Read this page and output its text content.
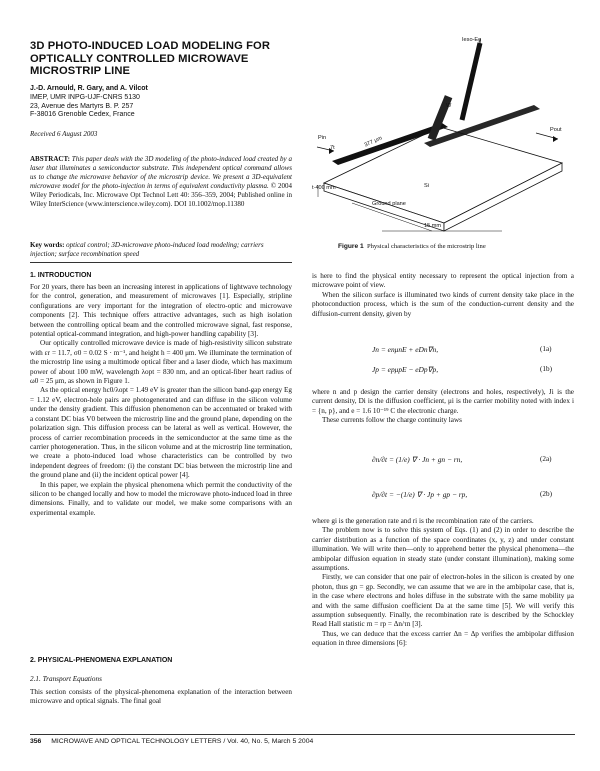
3D PHOTO-INDUCED LOAD MODELING FOR OPTICALLY CONTROLLED MICROWAVE MICROSTRIP LINE
J.-D. Arnould, R. Gary, and A. Vilcot
IMEP, UMR INPG-UJF-CNRS 5130
23, Avenue des Martyrs B. P. 257
F-38016 Grenoble Cedex, France
Received 6 August 2003
ABSTRACT: This paper deals with the 3D modeling of the photo-induced load created by a laser that illuminates a semiconductor substrate. This independent optical command allows us to change the microwave behavior of the microstrip device. We present a 3D-equivalent microwave model for the photo-injection in terms of equivalent conductivity plasma. © 2004 Wiley Periodicals, Inc. Microwave Opt Technol Lett 40: 356–359, 2004; Published online in Wiley InterScience (www.interscience.wiley.com). DOI 10.1002/mop.11380
Key words: optical control; 3D-microwave photo-induced load modeling; carriers injection; surface recombination speed
1. INTRODUCTION

For 20 years, there has been an increasing interest in applications of lightwave technology for the control, generation, and measurement of microwaves [1]. Especially, stripline configurations are very important for the integration of electro-optic and microwave components [2]. This technique offers attractive advantages, such as high isolation between the controlling optical beam and the controlled microwave signal, fast response, potential optical-command integration, and high-power handling capability [3].

Our optically controlled microwave device is made of high-resistivity silicon substrate with εr = 11.7, σ0 = 0.02 S · m⁻¹, and height h = 400 μm. We illuminate the termination of the microstrip line using a multimode optical fiber and a laser diode, which has maximum power of about 100 mW, wavelength λopt = 830 nm, and an optical-fiber heart radius of ω0 = 25 μm, as shown in Figure 1.

As the optical energy hc0/λopt = 1.49 eV is greater than the silicon band-gap energy Eg = 1.12 eV, electron-hole pairs are photogenerated and can diffuse in the silicon volume under the density gradient. This diffusion phenomenon can be accentuated or braked with a constant DC bias V0 between the microstrip line and the ground plane, depending on the polarization sign. This diffusion process can be lateral as well as vertical. However, the process of carrier recombination proceeds in the semiconductor at the same time as the carrier photogeneration. Thus, in the silicon volume and at the microstrip line termination, we create a photo-induced load whose characteristics can be controlled by two independent degrees of freedom: (i) the constant DC bias between the microstrip line and the ground plane and (ii) the incident optical power [4].

In this paper, we explain the physical phenomena which permit the conductivity of the silicon to be changed locally and how to model the microwave photo-induced load in three dimensions. Finally, and to validate our model, we make some comparisons with an experimental example.

2. PHYSICAL-PHENOMENA EXPLANATION
2.1. Transport Equations

This section consists of the physical-phenomena explanation of the interaction between microwave and optical signals. The final goal

Ieso-Eg
Pin
Pout
W
377 μm
7t
t·400 mm	Si
Ground plane
15 mm
Figure 1 Physical characteristics of the microstrip line

is here to find the physical entity necessary to represent the optical injection from a microwave point of view.

When the silicon surface is illuminated two kinds of current density take place in the photoconduction process, which is the sum of the conduction-current density and the diffusion-current density, given by

Jn = enμnE + eDn∇n,	(1a)
Jp = epμpE − eDp∇p,	(1b)

where n and p design the carrier density (electrons and holes, respectively), Ji is the current density, Di is the diffusion coefficient, μi is the carrier mobility noted with index i = {n, p}, and e = 1.6 10⁻¹⁹ C the electronic charge.

These currents follow the charge continuity laws

∂n/∂t = (1/e) ∇ · Jn + gn − rn,	(2a)
∂p/∂t = −(1/e) ∇ · Jp + gp − rp,	(2b)

where gi is the generation rate and ri is the recombination rate of the carriers.

The problem now is to solve this system of Eqs. (1) and (2) in order to describe the carrier distribution as a function of the space coordinates (x, y, z) and under constant illumination. We will write then—only to apprehend better the physical phenomena—the ambipolar diffusion equation in steady state (under constant illumination), making some assumptions.

Firstly, we can consider that one pair of electron-holes in the silicon is created by one photon, thus gn = gp. Secondly, we can assume that we are in the ambipolar case, that is, in the case where electrons and holes diffuse in the substrate with the same mobility μa and with the same diffusion coefficient Da at the same time [5]. We will verify this assumption subsequently. Finally, the recombination rate is described by the Schockley Read Hall statistic rn = rp = Δn/τn [3].

Thus, we can deduce that the excess carrier Δn = Δp verifies the ambipolar diffusion equation in three dimensions [6]:

356 MICROWAVE AND OPTICAL TECHNOLOGY LETTERS / Vol. 40, No. 5, March 5 2004
